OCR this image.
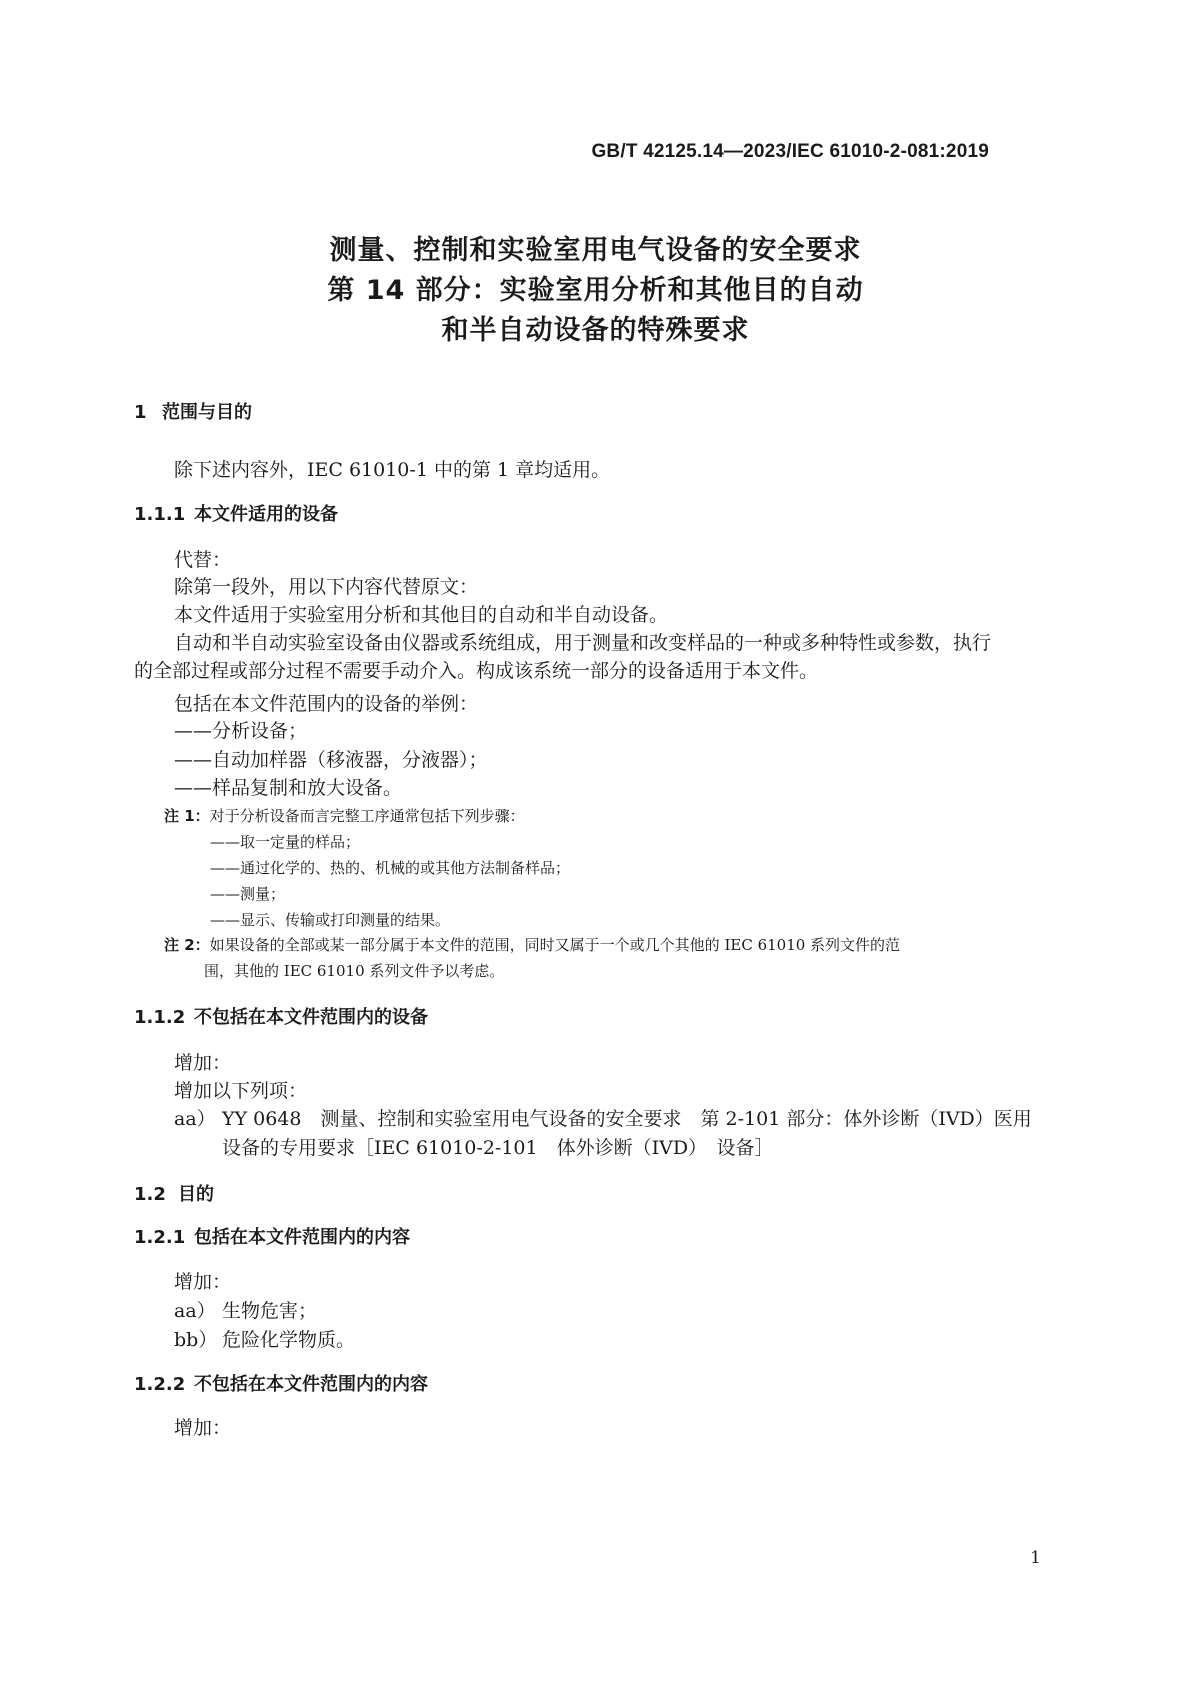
GB/T 42125.14—2023/IEC 61010-2-081:2019
测量、控制和实验室用电气设备的安全要求
第 14 部分：实验室用分析和其他目的自动
和半自动设备的特殊要求
1 范围与目的
除下述内容外，IEC 61010-1 中的第 1 章均适用。
1.1.1 本文件适用的设备
代替：
除第一段外，用以下内容代替原文：
本文件适用于实验室用分析和其他目的自动和半自动设备。
自动和半自动实验室设备由仪器或系统组成，用于测量和改变样品的一种或多种特性或参数，执行
的全部过程或部分过程不需要手动介入。构成该系统一部分的设备适用于本文件。
包括在本文件范围内的设备的举例：
——分析设备；
——自动加样器（移液器，分液器）；
——样品复制和放大设备。
注 1：对于分析设备而言完整工序通常包括下列步骤：
——取一定量的样品；
——通过化学的、热的、机械的或其他方法制备样品；
——测量；
——显示、传输或打印测量的结果。
注 2：如果设备的全部或某一部分属于本文件的范围，同时又属于一个或几个其他的 IEC 61010 系列文件的范
围，其他的 IEC 61010 系列文件予以考虑。
1.1.2 不包括在本文件范围内的设备
增加：
增加以下列项：
aa） YY 0648　测量、控制和实验室用电气设备的安全要求　第 2-101 部分：体外诊断（IVD）医用
设备的专用要求［IEC 61010-2-101　体外诊断（IVD）　设备］
1.2 目的
1.2.1 包括在本文件范围内的内容
增加：
aa） 生物危害；
bb） 危险化学物质。
1.2.2 不包括在本文件范围内的内容
增加：
1
